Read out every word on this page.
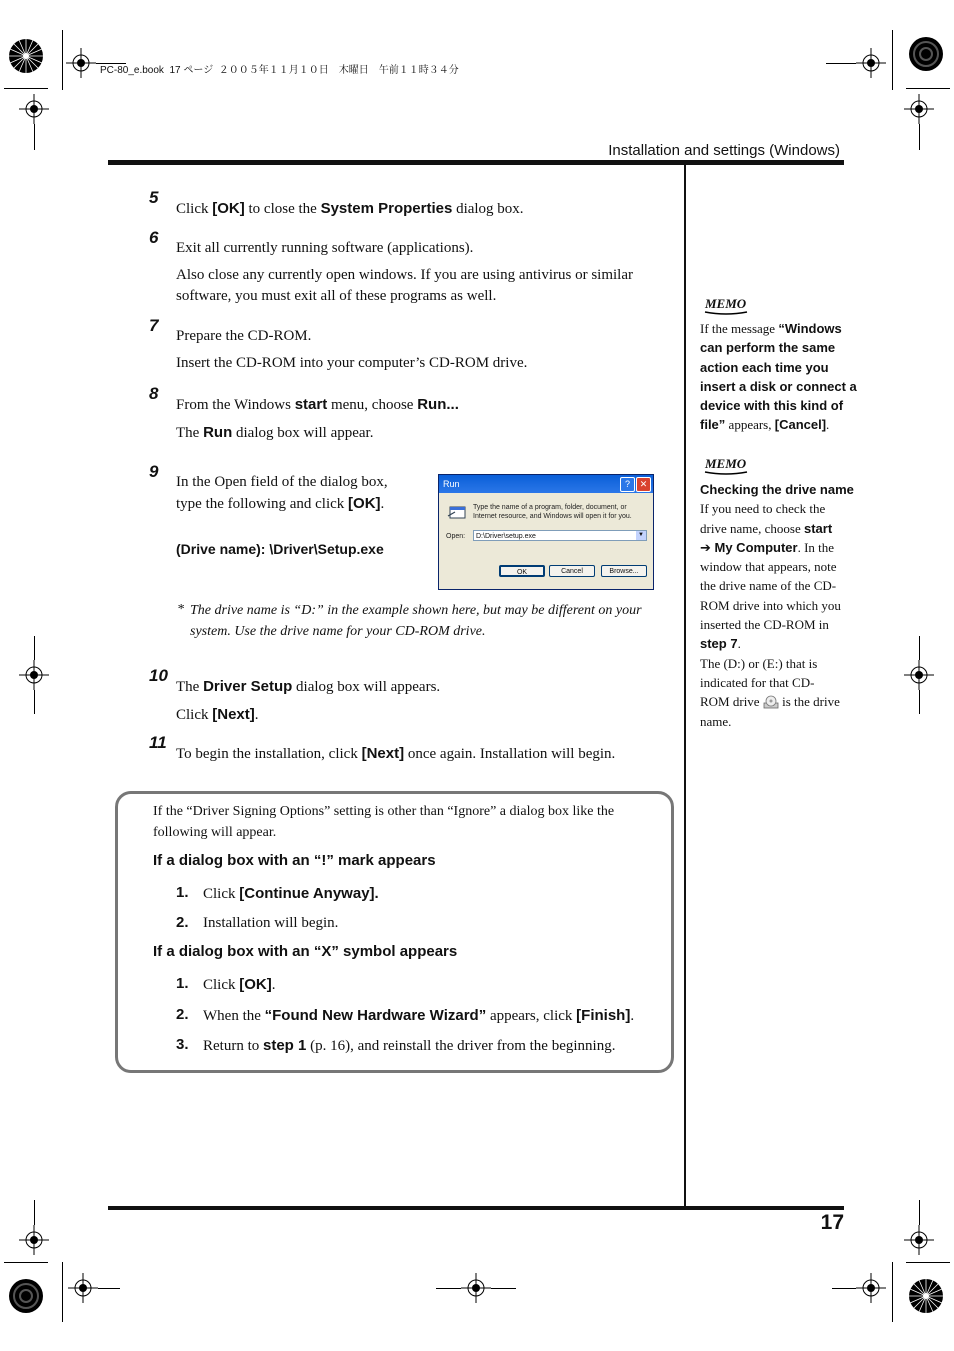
PC-80_e.book  17 ページ  ２００５年１１月１０日　木曜日　午前１１時３４分
Installation and settings (Windows)
5
Click [OK] to close the System Properties dialog box.
6

Exit all currently running software (applications).

Also close any currently open windows. If you are using antivirus or similar

software, you must exit all of these programs as well.

7

Prepare the CD-ROM.

Insert the CD-ROM into your computer’s CD-ROM drive.

8

From the Windows start menu, choose Run...

The Run dialog box will appear.

9

In the Open field of the dialog box,

type the following and click [OK].

(Drive name): \Driver\Setup.exe
Run	?	✕
Type the name of a program, folder, document, or
Internet resource, and Windows will open it for you.
Open:	D:\Driver\setup.exe	▼
OK	Cancel	Browse...
* The drive name is “D:” in the example shown here, but may be different on your
system. Use the drive name for your CD-ROM drive.
10

The Driver Setup dialog box will appears.

Click [Next].

11
To begin the installation, click [Next] once again. Installation will begin.
If the “Driver Signing Options” setting is other than “Ignore” a dialog box like the
following will appear.
If a dialog box with an “!” mark appears
1. Click [Continue Anyway].
2. Installation will begin.
If a dialog box with an “X” symbol appears
1. Click [OK].
2. When the “Found New Hardware Wizard” appears, click [Finish].
3. Return to step 1 (p. 16), and reinstall the driver from the beginning.
MEMO

If the message “Windows

can perform the same

action each time you

insert a disk or connect a

device with this kind of

file” appears, [Cancel].

MEMO

Checking the drive name

If you need to check the

drive name, choose start

➔ My Computer. In the

window that appears, note

the drive name of the CD-

ROM drive into which you

inserted the CD-ROM in

step 7.

The (D:) or (E:) that is

indicated for that CD-

ROM drive  is the drive

name.

17
